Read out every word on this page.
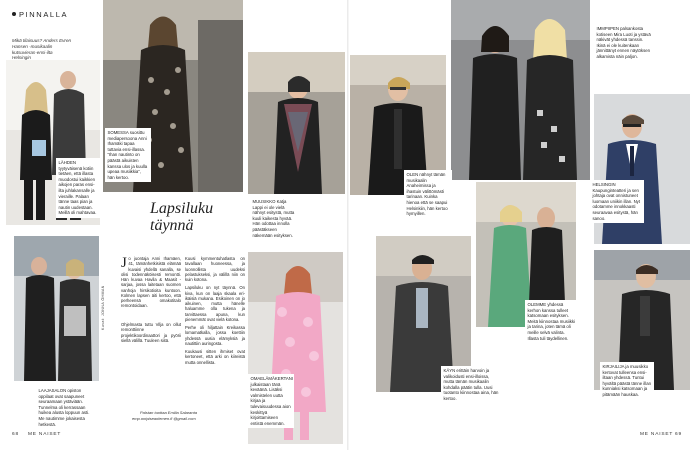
PINNALLA
Mikä tilaisuus? Anders Evren Hansen -musikaalin kutsuvieras-ensi-ilta Helsingin
Kuvat: JONNA ÖHMAN
SOMESSA suosittu mediapersoona Anni Ihamäki tapaa tuttavia ensi-illassa. ”Ihan nautinto on päästä aikuisten kanssa ulos ja kuulla upeaa musiikkia”, hän kertoo.
LÄHDEN tyytyväisenä kotiin tietäen, että illasta muodostui kaikkien aikojen paras ensi-ilta juhlakansalle ja vieraille. Palaan tänne taas pian ja nautin uudestaan. Meillä oli mahtavaa.
LAAJASALON opiston oppilaat ovat saapuneet seuraamaan ystäviään. Tunnelma oli kerrassaan huikea alusta loppuun asti. Me nautimme jokaisesta hetkestä.
OMAELÄMÄKERTANI julkaistaan tänä keväänä. Lisäksi valmistelen uutta kirjaa ja tulevaisuudessa aion keskittyä kirjoittamiseen entistä enemmän.
Lapsiluku täynnä
Jo juontaja Anni Ihamäen, 41, tämänhetkisistä elämää kuvaisi yhdellä sanalla, se olisi todennäköisesti remontti. Hän kuvaa Havila & Maasit -sarjaa, jossa laitetaan suomen vanhoja hirsikotioita kuntoon. Kolmen lapsen äiti kertoo, että perheensä omakotitalo remontoidaan.

Ohjelmasta tuttu Vilja on ollut remonttiinne projektikoordinaattori ja pyörii siellä välillä. Tuuleen siitä.

Kuusi kymmentuhatlasta on tavallaan huoneessa, ja luonnollista uudeksi pelastukseksi, ja välillä niin on kuin kotona.

Lapsiluku on nyt täynnä. On kiva, kun on laaja skaala eri-ikäisiä mukana. Esikoinen on jo aikuinen, mutta hänelle haluamme olla tukena ja tarvittaessa apuna, kun pienemmät ovat vielä kotona.

Perhe oli hiljattain Kreikassa lomamatkalla, jossa koettiin yhdessä uusia elämyksiä ja nautittiin auringosta.

Kuukausi sitten ihmiset ovat kertoneet, että arki on kiireistä mutta onnellista.

Palstan tuottaa Emilia Salaranta
emp.ontpiseaolemen.fi @gmail.com
MUUSIKKO Katja Lappi ei ole vielä nähnyt esitystä, mutta kuuli kaikesta hyvää. Hän odottaa innolla päästäkseen näkemään esityksen.
OLEN nähnyt tämän musikaalin Anaheimissa ja ihastuin välittömästi tarinaan. Kuinka hienoa että se saapui Helsinkiin, hän kertoo hymyillen.
IMMPIIPEN palsankosta kotiseen Mira Luoti ja ystävä näkivät yhdessä tanssin. Ikinä ei ole kuitenkaan jännittänyt ennen näytöksen alkamista näin paljon.
HELSINGIN Kaupunginteatteri ja sen johtaja ovat onnistuneet luomaan uniikin illan. Nyt odotamme innokkaasti seuraavaa esitystä, hän sanoo.
OLEMME yhdessä kerhon kanssa tulleet katsomaan esityksen. Meitä kiinnostaa musiikki ja tarina, joten tämä oli meille selvä valinta. Illasta tuli täydellinen.
KÄYN erittäin harvoin ja valikoidusti ensi-illoissa, mutta tämän musikaalin kohdalla päätin tulla. Uusi tuotanto kiinnostaa aina, hän kertoo.
KIRJAILIJA ja muusikko kertovat tulleensa ensi-iltaan yhdessä. Tuntui hyvältä päästä tänne illan kunniaksi katsomaan ja pitämään hauskaa.
68 ME NAISET	ME NAISET 69
